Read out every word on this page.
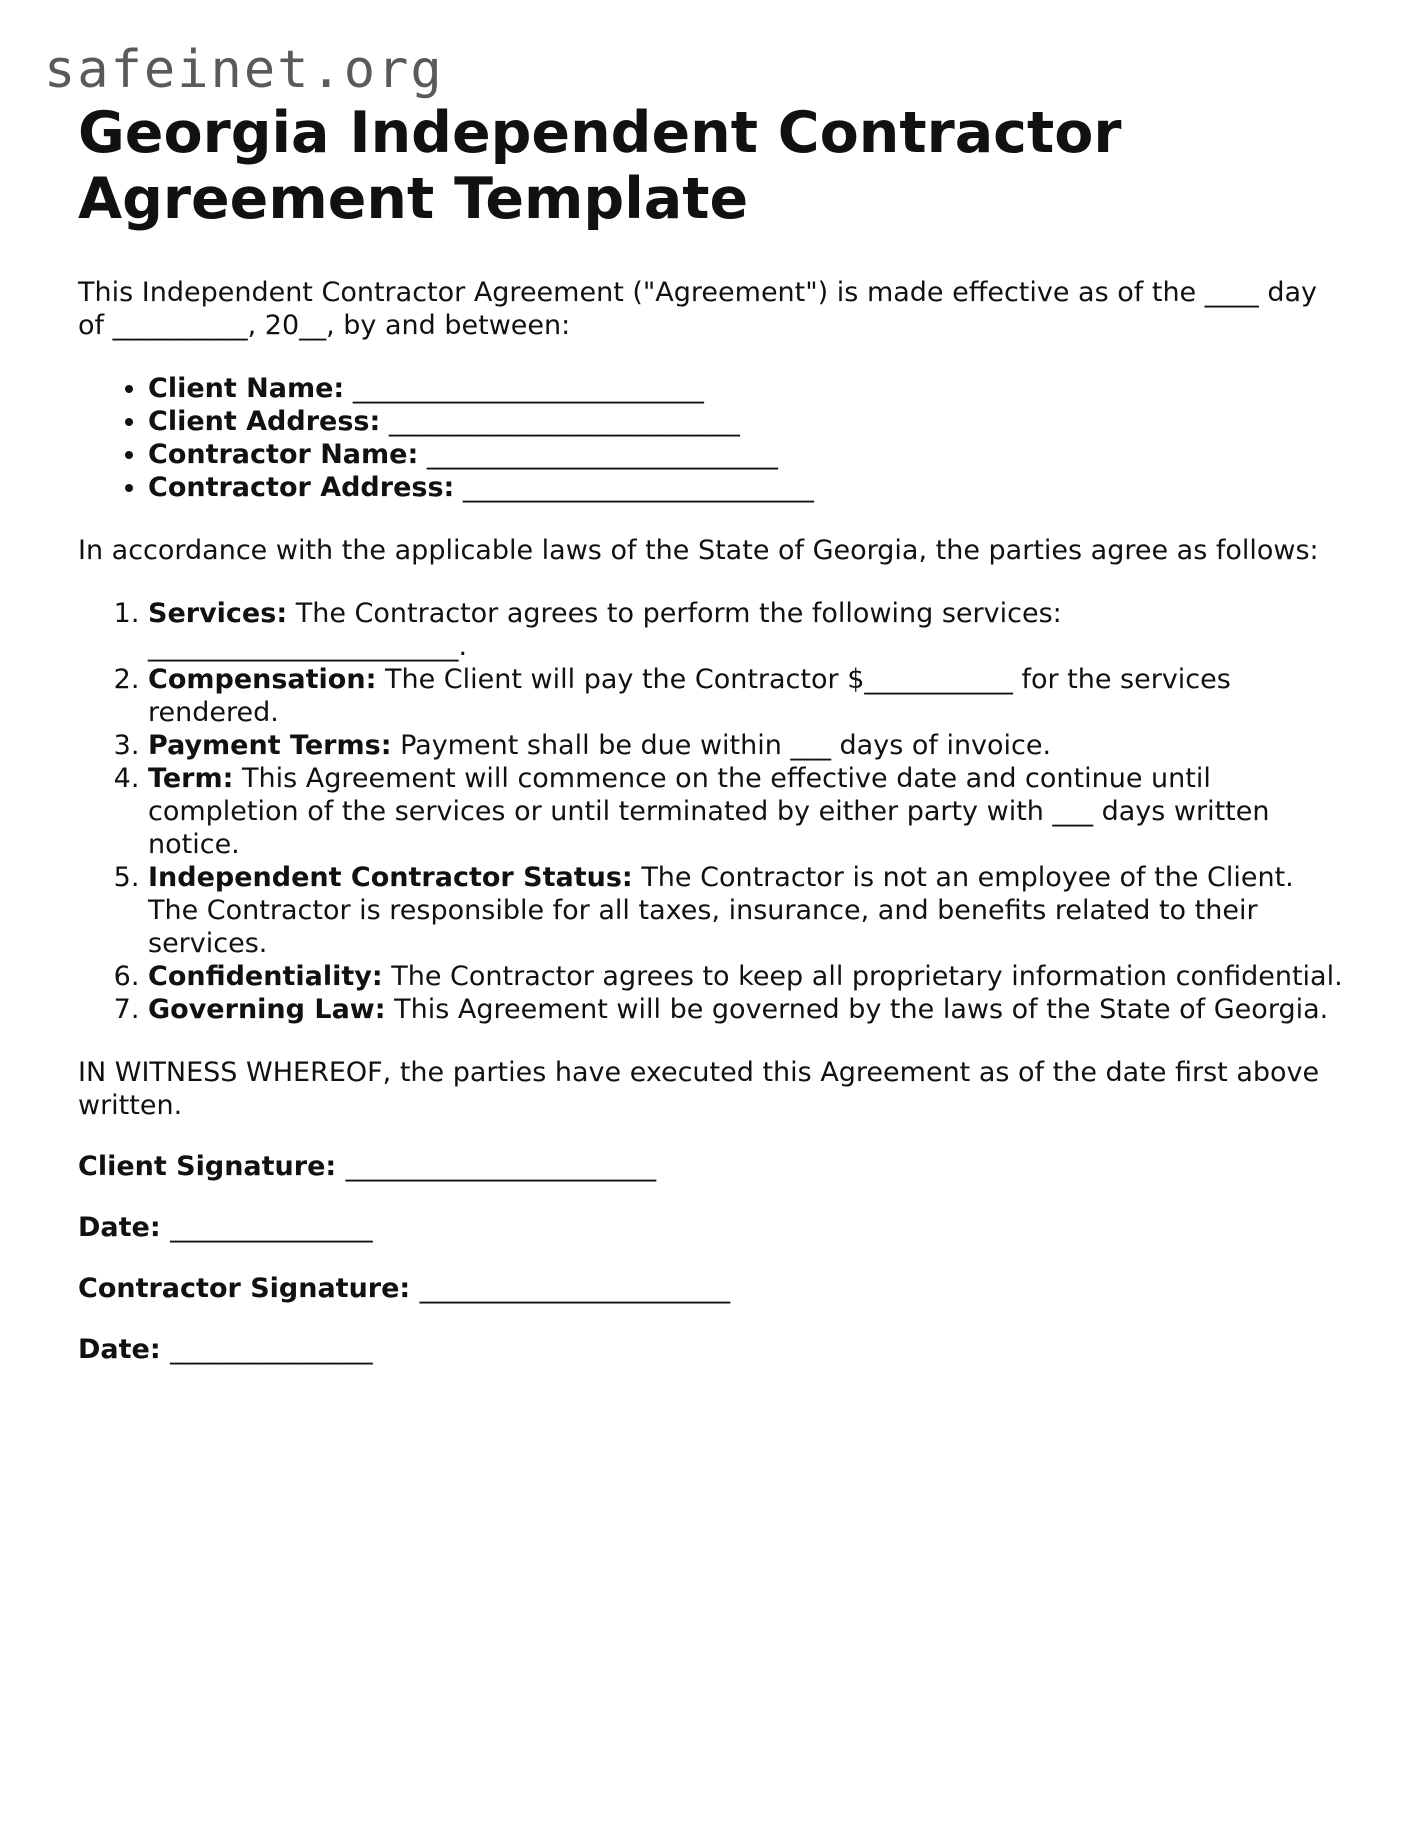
safeinet.org
Georgia Independent Contractor Agreement Template

This Independent Contractor Agreement ("Agreement") is made effective as of the ____ day of __________, 20__, by and between:

• Client Name: __________________________
• Client Address: __________________________
• Contractor Name: __________________________
• Contractor Address: __________________________

In accordance with the applicable laws of the State of Georgia, the parties agree as follows:

1. Services: The Contractor agrees to perform the following services: _______________________.
2. Compensation: The Client will pay the Contractor $___________ for the services rendered.
3. Payment Terms: Payment shall be due within ___ days of invoice.
4. Term: This Agreement will commence on the effective date and continue until completion of the services or until terminated by either party with ___ days written notice.
5. Independent Contractor Status: The Contractor is not an employee of the Client. The Contractor is responsible for all taxes, insurance, and benefits related to their services.
6. Confidentiality: The Contractor agrees to keep all proprietary information confidential.
7. Governing Law: This Agreement will be governed by the laws of the State of Georgia.

IN WITNESS WHEREOF, the parties have executed this Agreement as of the date first above written.

Client Signature: _______________________
Date: _______________
Contractor Signature: _______________________
Date: _______________
